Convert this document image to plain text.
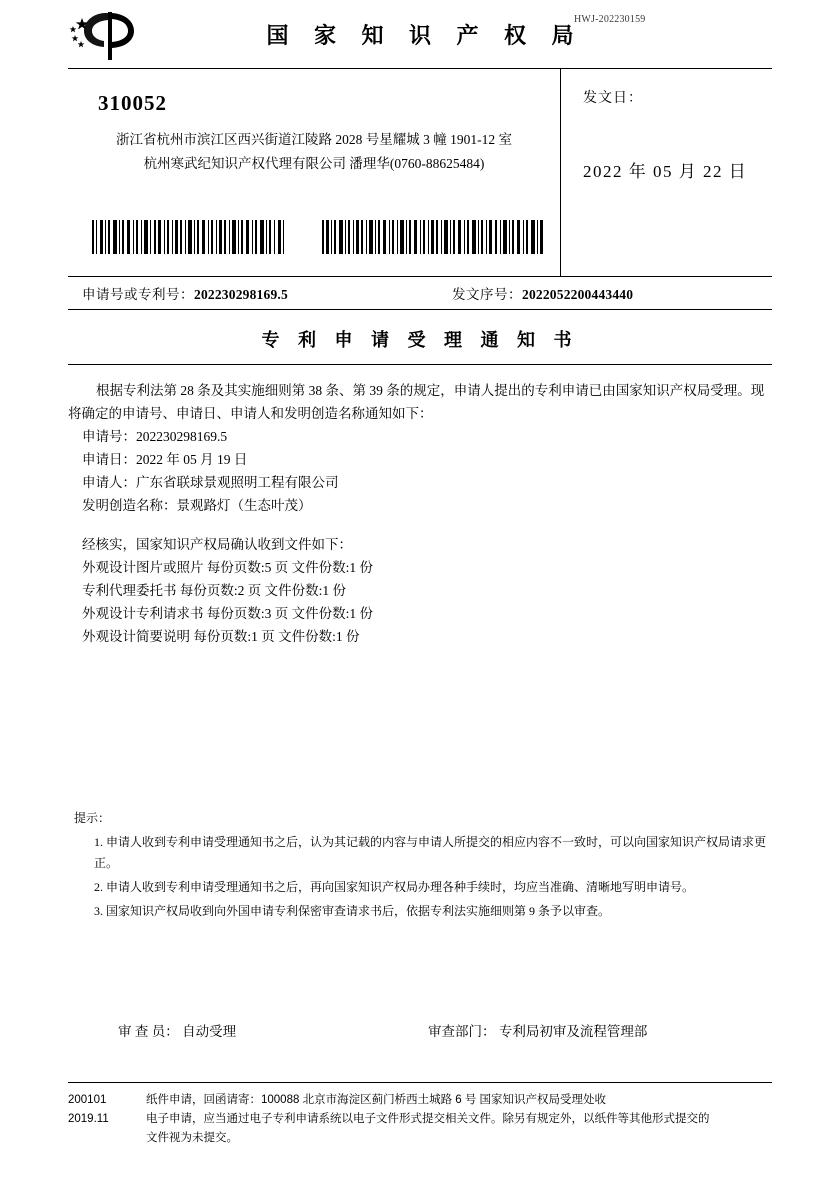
HWJ-202230159
国 家 知 识 产 权 局
310052
浙江省杭州市滨江区西兴街道江陵路 2028 号星耀城 3 幢 1901-12 室
杭州寒武纪知识产权代理有限公司 潘理华(0760-88625484)
发文日：
2022 年 05 月 22 日
申请号或专利号： 202230298169.5	发文序号： 2022052200443440
专 利 申 请 受 理 通 知 书
根据专利法第 28 条及其实施细则第 38 条、第 39 条的规定，申请人提出的专利申请已由国家知识产权局受理。现将确定的申请号、申请日、申请人和发明创造名称通知如下：
申请号：202230298169.5
申请日：2022 年 05 月 19 日
申请人：广东省联球景观照明工程有限公司
发明创造名称：景观路灯（生态叶茂）
经核实，国家知识产权局确认收到文件如下：
外观设计图片或照片 每份页数:5 页 文件份数:1 份
专利代理委托书 每份页数:2 页 文件份数:1 份
外观设计专利请求书 每份页数:3 页 文件份数:1 份
外观设计简要说明 每份页数:1 页 文件份数:1 份
提示：
1. 申请人收到专利申请受理通知书之后，认为其记载的内容与申请人所提交的相应内容不一致时，可以向国家知识产权局请求更正。
2. 申请人收到专利申请受理通知书之后，再向国家知识产权局办理各种手续时，均应当准确、清晰地写明申请号。
3. 国家知识产权局收到向外国申请专利保密审查请求书后，依据专利法实施细则第 9 条予以审查。
审 查 员： 自动受理	审查部门： 专利局初审及流程管理部
200101 2019.11
纸件申请，回函请寄：100088 北京市海淀区蓟门桥西土城路 6 号 国家知识产权局受理处收
电子申请，应当通过电子专利申请系统以电子文件形式提交相关文件。除另有规定外，以纸件等其他形式提交的
文件视为未提交。
